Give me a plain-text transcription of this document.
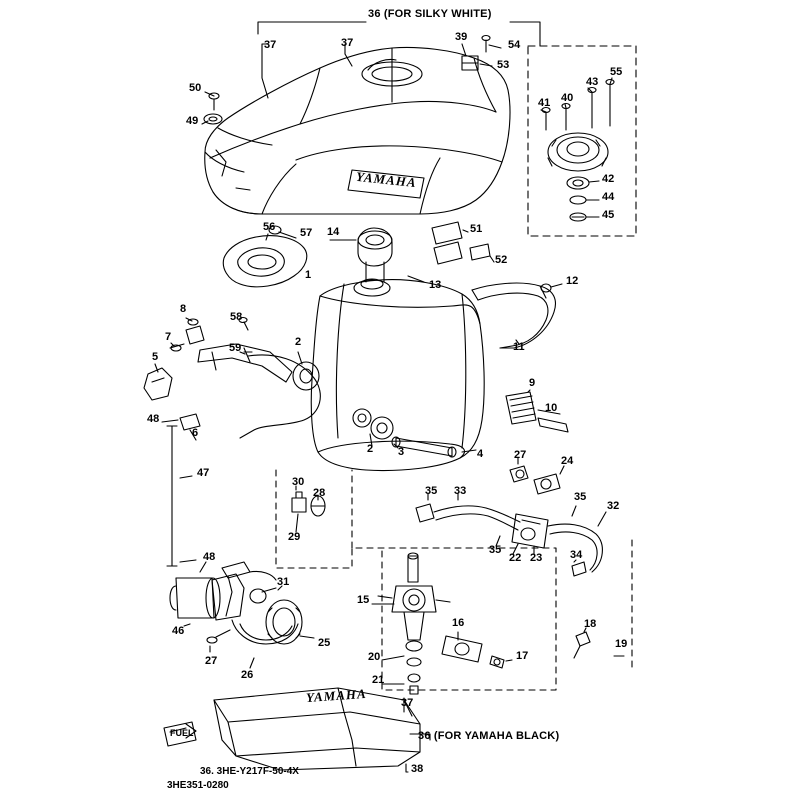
36 (FOR SILKY WHITE)
37	37	39
54
53
43
55
41 40
50
49
42
44
45
56 57 14	51
52
12
1
13
11
58
59
8
7
5
2
9
10
48
6
2 3	4
47
27	24
30
28	35 33	35
32
29
35
22 23	34
48
31
15
16	18
19
25
46
27
26
20	17
21
37
36 (FOR YAMAHA BLACK)
38
YAMAHA
YAMAHA
FUEL
36. 3HE-Y217F-50-4X
3HE351-0280
